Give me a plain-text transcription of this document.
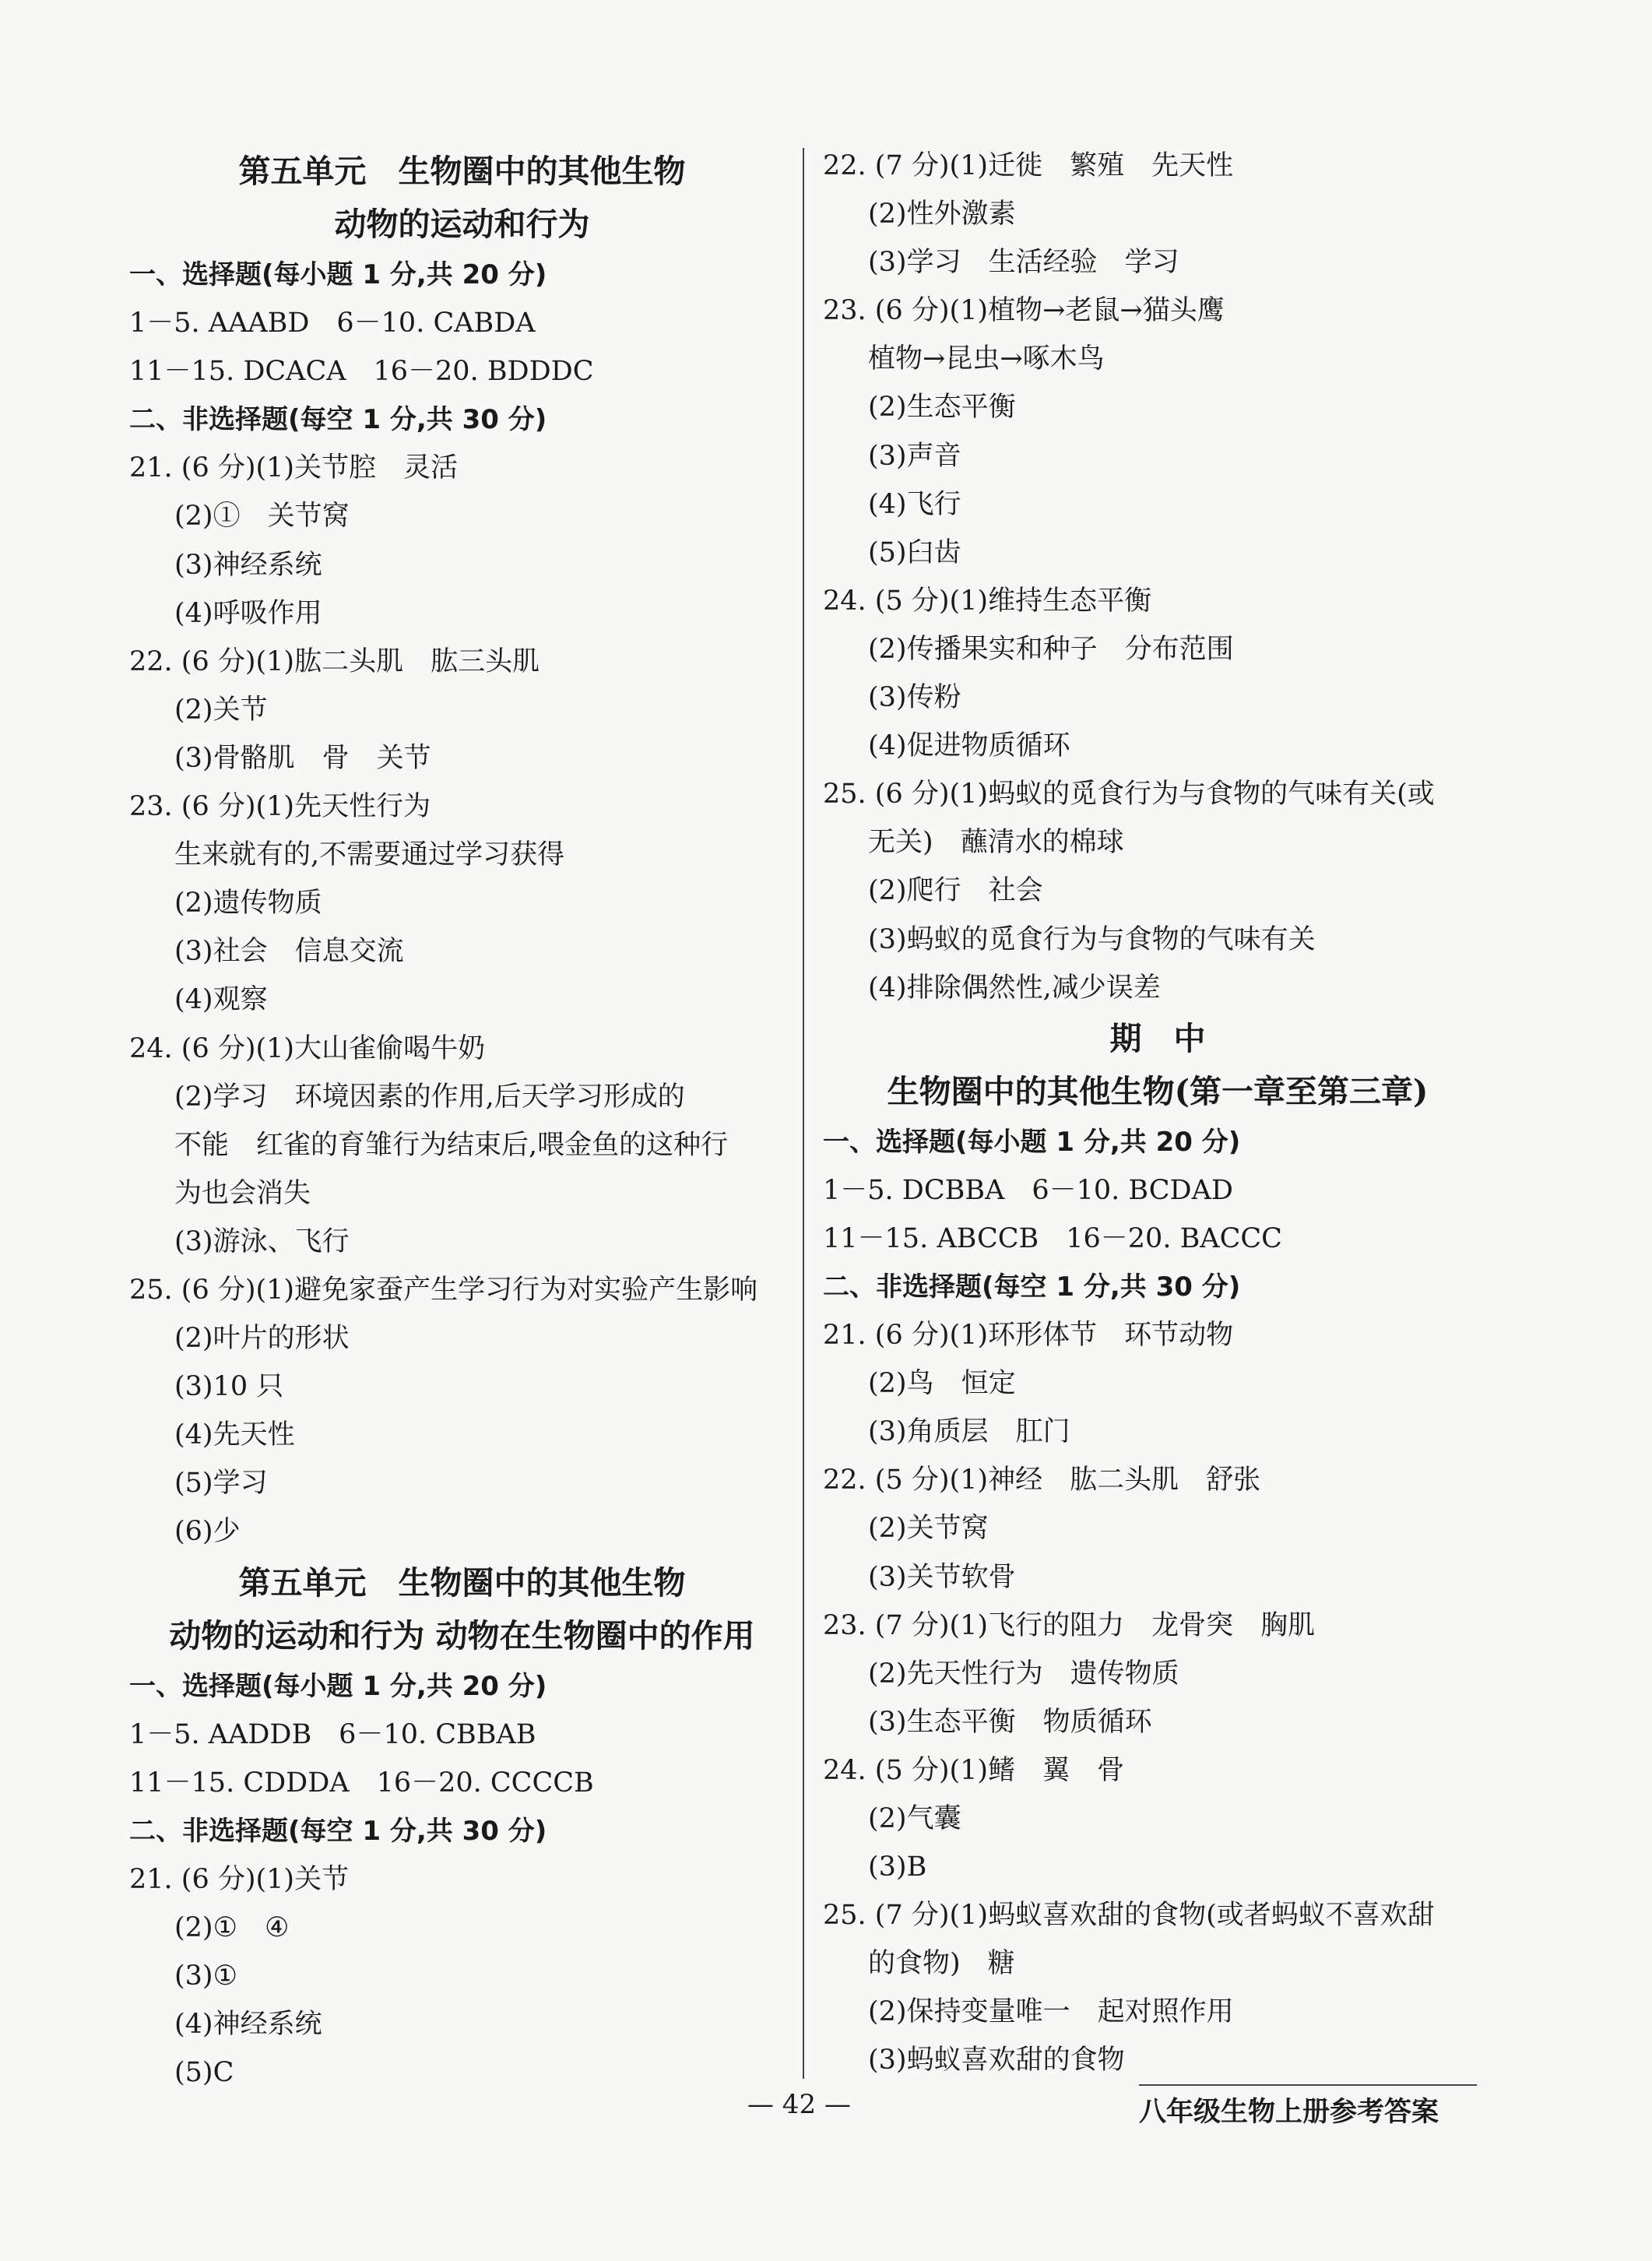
第五单元　生物圈中的其他生物
动物的运动和行为
一、选择题(每小题 1 分,共 20 分)
1－5. AAABD　6－10. CABDA
11－15. DCACA　16－20. BDDDC
二、非选择题(每空 1 分,共 30 分)
21. (6 分)(1)关节腔　灵活
(2)①　关节窝
(3)神经系统
(4)呼吸作用
22. (6 分)(1)肱二头肌　肱三头肌
(2)关节
(3)骨骼肌　骨　关节
23. (6 分)(1)先天性行为
生来就有的,不需要通过学习获得
(2)遗传物质
(3)社会　信息交流
(4)观察
24. (6 分)(1)大山雀偷喝牛奶
(2)学习　环境因素的作用,后天学习形成的
不能　红雀的育雏行为结束后,喂金鱼的这种行
为也会消失
(3)游泳、飞行
25. (6 分)(1)避免家蚕产生学习行为对实验产生影响
(2)叶片的形状
(3)10 只
(4)先天性
(5)学习
(6)少
第五单元　生物圈中的其他生物
动物的运动和行为 动物在生物圈中的作用
一、选择题(每小题 1 分,共 20 分)
1－5. AADDB　6－10. CBBAB
11－15. CDDDA　16－20. CCCCB
二、非选择题(每空 1 分,共 30 分)
21. (6 分)(1)关节
(2)①　④
(3)①
(4)神经系统
(5)C
22. (7 分)(1)迁徙　繁殖　先天性
(2)性外激素
(3)学习　生活经验　学习
23. (6 分)(1)植物→老鼠→猫头鹰
植物→昆虫→啄木鸟
(2)生态平衡
(3)声音
(4)飞行
(5)臼齿
24. (5 分)(1)维持生态平衡
(2)传播果实和种子　分布范围
(3)传粉
(4)促进物质循环
25. (6 分)(1)蚂蚁的觅食行为与食物的气味有关(或
无关)　蘸清水的棉球
(2)爬行　社会
(3)蚂蚁的觅食行为与食物的气味有关
(4)排除偶然性,减少误差
期　中
生物圈中的其他生物(第一章至第三章)
一、选择题(每小题 1 分,共 20 分)
1－5. DCBBA　6－10. BCDAD
11－15. ABCCB　16－20. BACCC
二、非选择题(每空 1 分,共 30 分)
21. (6 分)(1)环形体节　环节动物
(2)鸟　恒定
(3)角质层　肛门
22. (5 分)(1)神经　肱二头肌　舒张
(2)关节窝
(3)关节软骨
23. (7 分)(1)飞行的阻力　龙骨突　胸肌
(2)先天性行为　遗传物质
(3)生态平衡　物质循环
24. (5 分)(1)鳍　翼　骨
(2)气囊
(3)B
25. (7 分)(1)蚂蚁喜欢甜的食物(或者蚂蚁不喜欢甜
的食物)　糖
(2)保持变量唯一　起对照作用
(3)蚂蚁喜欢甜的食物
— 42 —	八年级生物上册参考答案
